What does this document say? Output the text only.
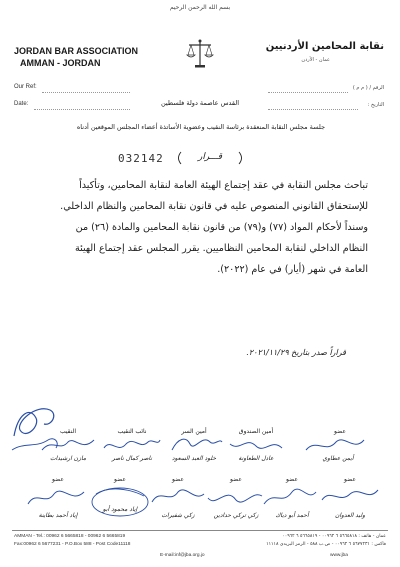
بسم الله الرحمن الرحيم
JORDAN BAR ASSOCIATION
AMMAN - JORDAN
نقابة المحامين الأردنيين
عمان - الأردن
Our Ref:
Date:
الرقم / ( م م )
التاريخ :
القدس عاصمة دولة فلسطين
جلسة مجلس النقابة المنعقدة برئاسة النقيب وعضوية الأساتذة أعضاء المجلس الموقعين أدناه
032142	قـــرار

تباحث مجلس النقابة في عقد إجتماع الهيئة العامة لنقابة المحامين، وتأكيداً

للإستحقاق القانوني المنصوص عليه في قانون نقابة المحامين والنظام الداخلي.

وسنداً لأحكام المواد (٧٧) و(٧٩) من قانون نقابة المحامين والمادة (٢٦) من

النظام الداخلي لنقابة المحامين النظاميين. يقرر المجلس عقد إجتماع الهيئة

العامة في شهر (أيار) في عام (٢٠٢٢).

قراراً صدر بتاريخ ٢٠٢١/١١/٢٩.
النقيب
مازن ارشيدات
نائب النقيب
ناصر كمال ناصر
أمين السر
خلود العبد السعود
أمين الصندوق
عادل الطعاونة
عضو
أيمن عطاوي
عضو
إياد أحمد بطاينة
عضو
إياد محمود أبو
عضو
زكي شفيرات
عضو
زكي تركي حدادين
عضو
أحمد أبو دياك
عضو
وليد العدوان
AMMAN - Tel.: 00962 6 5665818 - 00962 6 5665819
Fax:00962 6 5677231 - P.O.Box 588 - Post Code11118
عمان - هاتف : ٥٦٦٥٨١٨ ٦ ٠٠٩٦٢ - ٥٦٦٥٨١٩ ٦ ٠٠٩٦٢
فاكس : ٥٦٧٧٢٣١ ٦ ٠٠٩٦٢ - ص.ب ٥٨٨ - الرمز البريدي ١١١١٨
E-mail:inf@jba.org.jo	www.jba
